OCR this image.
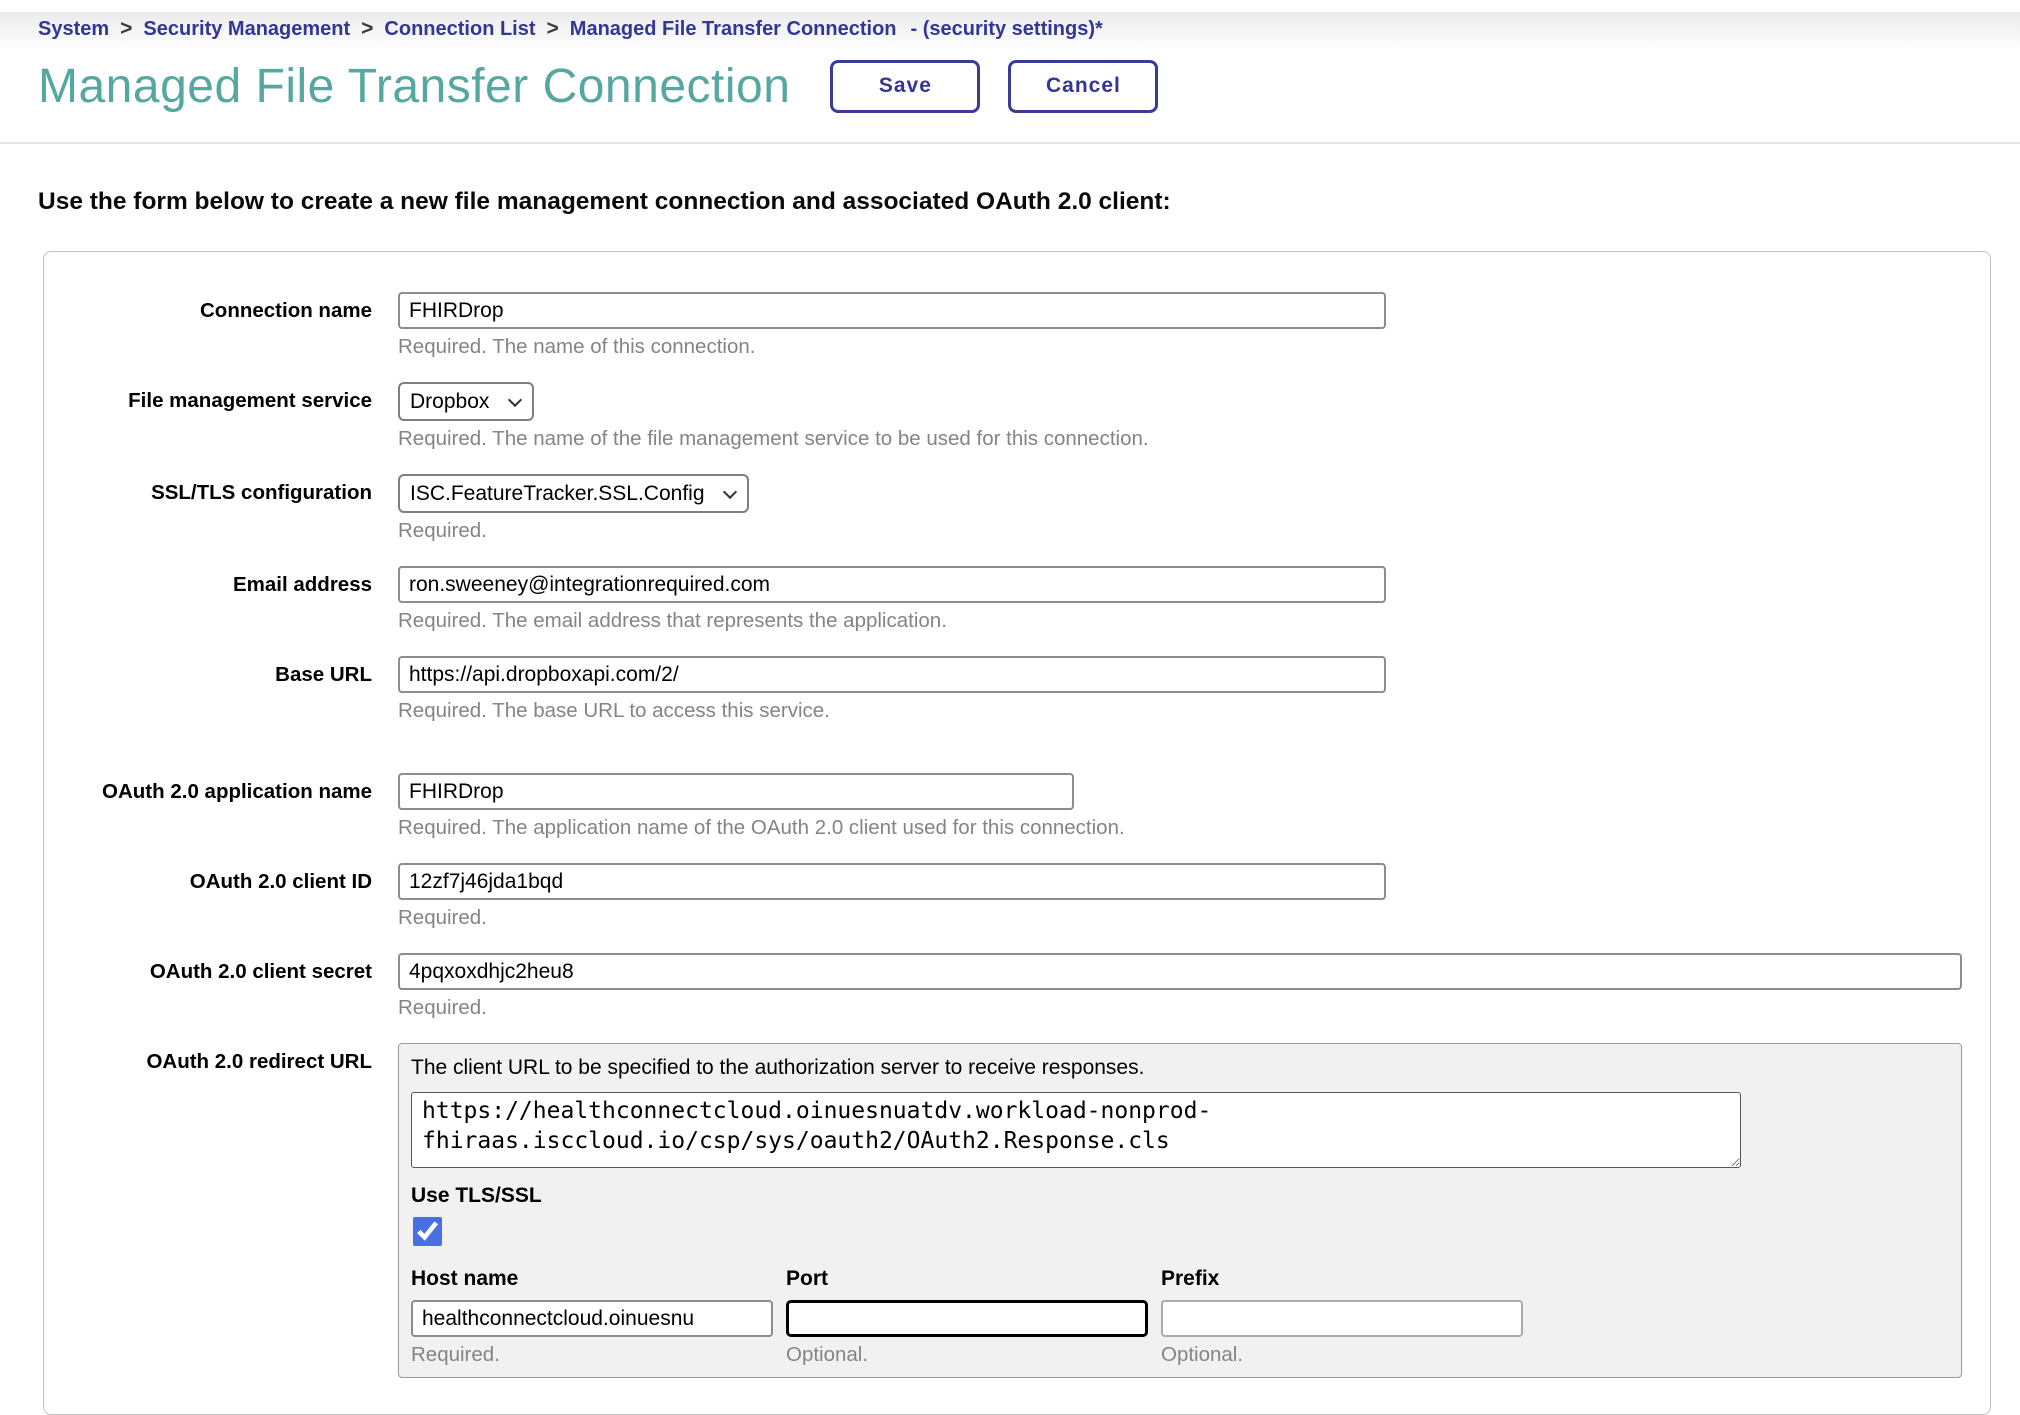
System > Security Management > Connection List > Managed File Transfer Connection - (security settings)*
Managed File Transfer Connection	Save	Cancel

Use the form below to create a new file management connection and associated OAuth 2.0 client:

Connection name
FHIRDrop
Required. The name of this connection.
File management service
Dropbox
Required. The name of the file management service to be used for this connection.
SSL/TLS configuration
ISC.FeatureTracker.SSL.Config
Required.
Email address
ron.sweeney@integrationrequired.com
Required. The email address that represents the application.
Base URL
https://api.dropboxapi.com/2/
Required. The base URL to access this service.
OAuth 2.0 application name
FHIRDrop
Required. The application name of the OAuth 2.0 client used for this connection.
OAuth 2.0 client ID
12zf7j46jda1bqd
Required.
OAuth 2.0 client secret
4pqxoxdhjc2heu8
Required.
OAuth 2.0 redirect URL The client URL to be specified to the authorization server to receive responses.
https://healthconnectcloud.oinuesnuatdv.workload-nonprod-fhiraas.isccloud.io/csp/sys/oauth2/OAuth2.Response.cls
Use TLS/SSL
Host name
healthconnectcloud.oinuesnu
Required.
Port
Optional.
Prefix
Optional.
